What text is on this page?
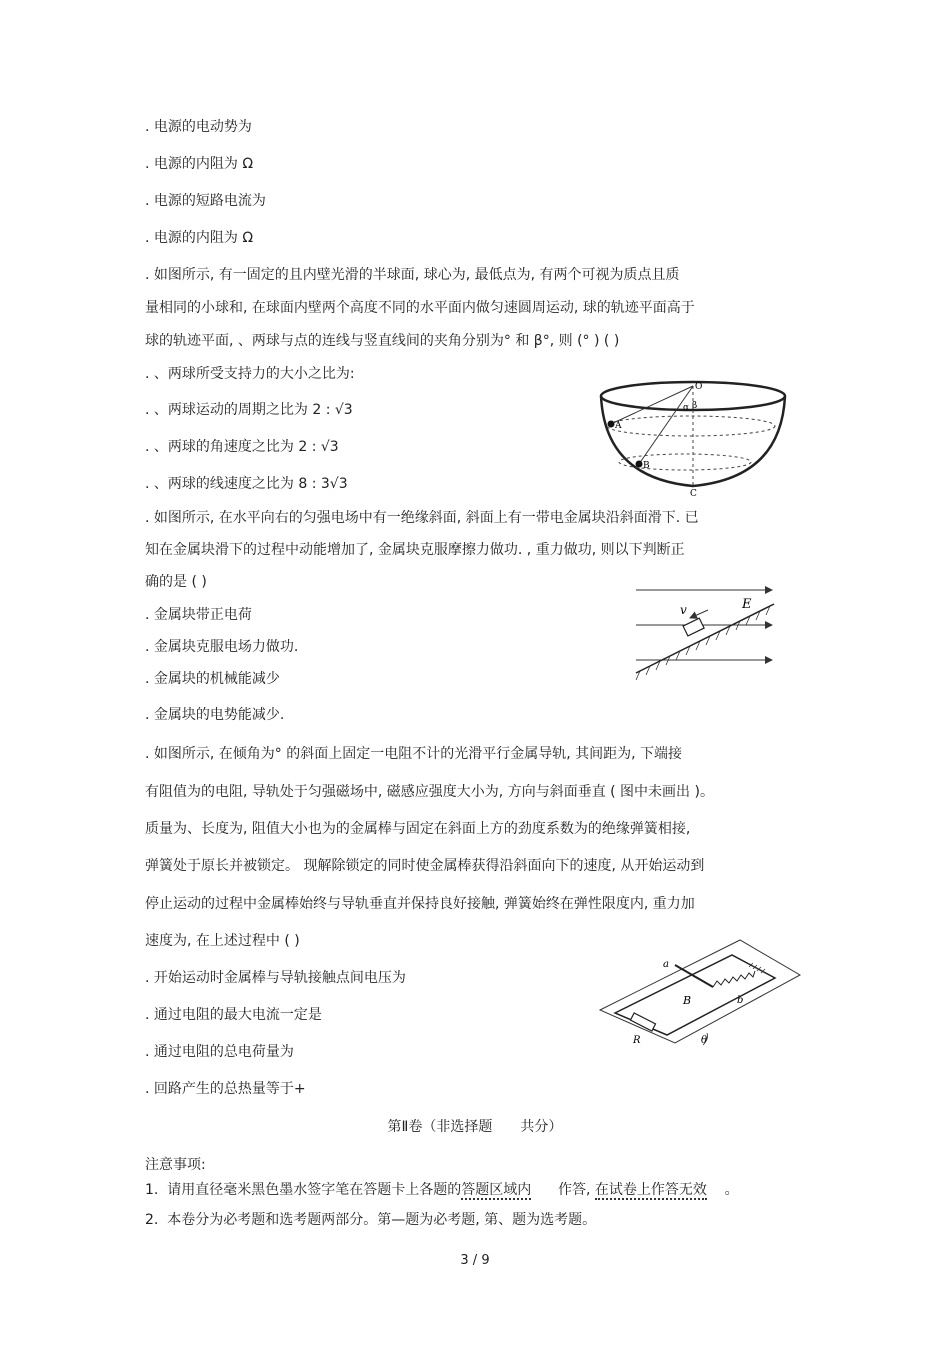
. 电源的电动势为
. 电源的内阻为 Ω
. 电源的短路电流为
. 电源的内阻为 Ω
. 如图所示, 有一固定的且内壁光滑的半球面, 球心为, 最低点为, 有两个可视为质点且质
量相同的小球和, 在球面内壁两个高度不同的水平面内做匀速圆周运动, 球的轨迹平面高于
球的轨迹平面, 、两球与点的连线与竖直线间的夹角分别为° 和 β°, 则 (° ) ( )
. 、两球所受支持力的大小之比为:
. 、两球运动的周期之比为 2 : √3
. 、两球的角速度之比为 2 : √3
. 、两球的线速度之比为 8 : 3√3
O
α β
A
B
C
. 如图所示, 在水平向右的匀强电场中有一绝缘斜面, 斜面上有一带电金属块沿斜面滑下. 已
知在金属块滑下的过程中动能增加了, 金属块克服摩擦力做功. , 重力做功, 则以下判断正
确的是 ( )
. 金属块带正电荷
. 金属块克服电场力做功.
. 金属块的机械能减少
. 金属块的电势能减少.
v	E
. 如图所示, 在倾角为° 的斜面上固定一电阻不计的光滑平行金属导轨, 其间距为, 下端接
有阻值为的电阻, 导轨处于匀强磁场中, 磁感应强度大小为, 方向与斜面垂直 ( 图中未画出 )。
质量为、长度为, 阻值大小也为的金属棒与固定在斜面上方的劲度系数为的绝缘弹簧相接,
弹簧处于原长并被锁定。 现解除锁定的同时使金属棒获得沿斜面向下的速度, 从开始运动到
停止运动的过程中金属棒始终与导轨垂直并保持良好接触, 弹簧始终在弹性限度内, 重力加
速度为, 在上述过程中 ( )
. 开始运动时金属棒与导轨接触点间电压为
. 通过电阻的最大电流一定是
. 通过电阻的总电荷量为
. 回路产生的总热量等于+
a
b
B
R	θ
第Ⅱ卷（非选择题　　共分）
注意事项:
1.  请用直径毫米黑色墨水签字笔在答题卡上各题的答题区域内      作答, 在试卷上作答无效    。
2.  本卷分为必考题和选考题两部分。第—题为必考题, 第、题为选考题。
3 / 9
